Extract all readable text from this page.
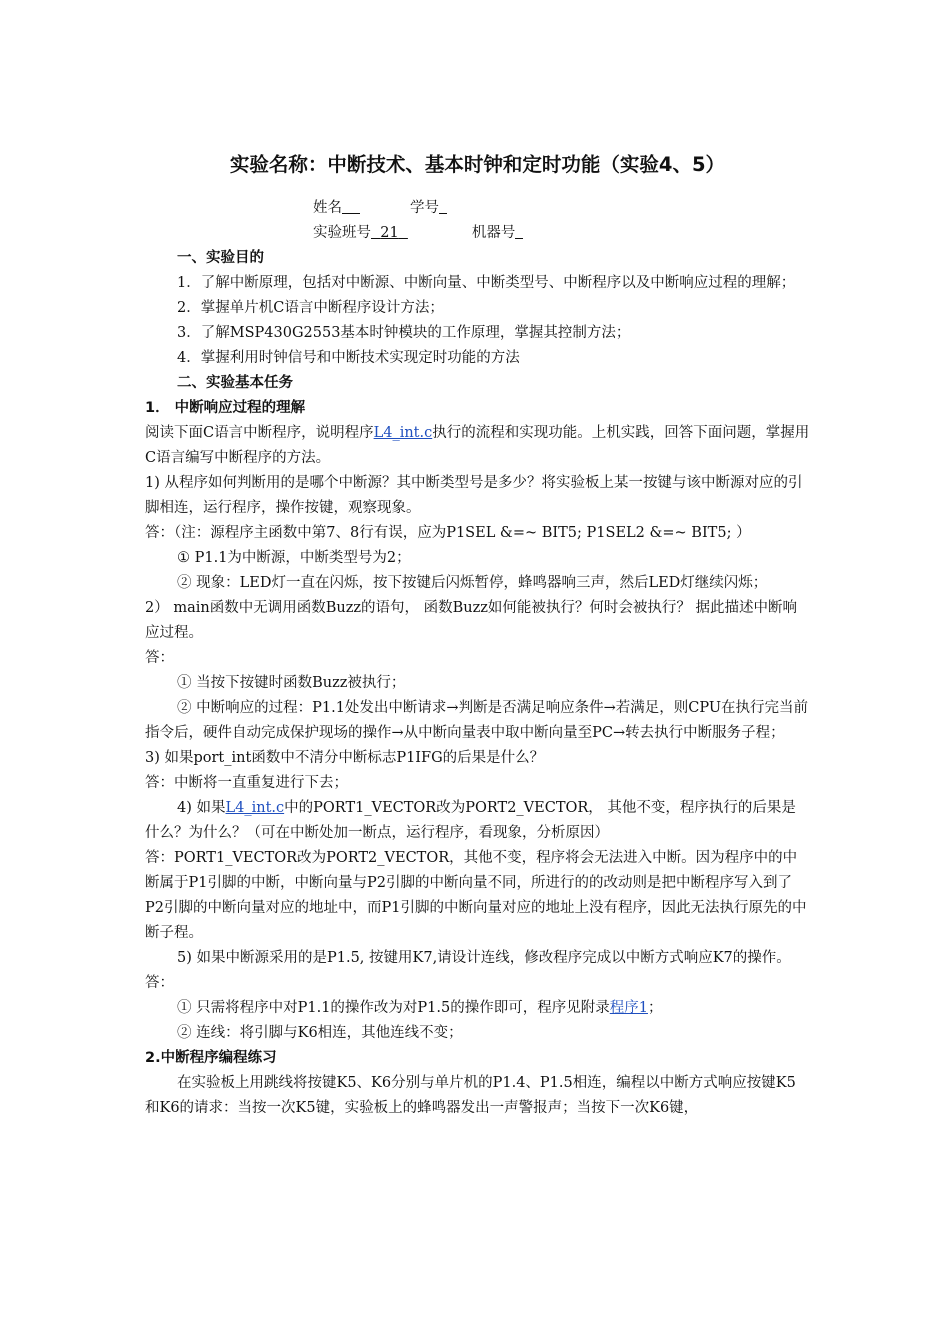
实验名称：中断技术、基本时钟和定时功能（实验4、5）

姓名	学号
实验班号 21	机器号

一、实验目的

1．了解中断原理，包括对中断源、中断向量、中断类型号、中断程序以及中断响应过程的理解；

2．掌握单片机C语言中断程序设计方法；

3．了解MSP430G2553基本时钟模块的工作原理，掌握其控制方法；

4．掌握利用时钟信号和中断技术实现定时功能的方法

二、实验基本任务

1． 中断响应过程的理解

阅读下面C语言中断程序，说明程序L4_int.c执行的流程和实现功能。上机实践，回答下面问题，掌握用C语言编写中断程序的方法。

1) 从程序如何判断用的是哪个中断源？其中断类型号是多少？将实验板上某一按键与该中断源对应的引脚相连，运行程序，操作按键，观察现象。

答：（注：源程序主函数中第7、8行有误，应为P1SEL &=~ BIT5; P1SEL2 &=~ BIT5; ）

① P1.1为中断源，中断类型号为2；

② 现象：LED灯一直在闪烁，按下按键后闪烁暂停，蜂鸣器响三声，然后LED灯继续闪烁；

2） main函数中无调用函数Buzz的语句， 函数Buzz如何能被执行？何时会被执行？ 据此描述中断响应过程。

答：

① 当按下按键时函数Buzz被执行；

② 中断响应的过程：P1.1处发出中断请求→判断是否满足响应条件→若满足，则CPU在执行完当前指令后，硬件自动完成保护现场的操作→从中断向量表中取中断向量至PC→转去执行中断服务子程；

3) 如果port_int函数中不清分中断标志P1IFG的后果是什么？

答：中断将一直重复进行下去；

4) 如果L4_int.c中的PORT1_VECTOR改为PORT2_VECTOR， 其他不变，程序执行的后果是什么？为什么？（可在中断处加一断点，运行程序，看现象，分析原因）

答：PORT1_VECTOR改为PORT2_VECTOR，其他不变，程序将会无法进入中断。因为程序中的中断属于P1引脚的中断，中断向量与P2引脚的中断向量不同，所进行的的改动则是把中断程序写入到了P2引脚的中断向量对应的地址中，而P1引脚的中断向量对应的地址上没有程序，因此无法执行原先的中断子程。

5) 如果中断源采用的是P1.5, 按键用K7,请设计连线，修改程序完成以中断方式响应K7的操作。

答：

① 只需将程序中对P1.1的操作改为对P1.5的操作即可，程序见附录程序1；

② 连线：将引脚与K6相连，其他连线不变；

2.中断程序编程练习

在实验板上用跳线将按键K5、K6分别与单片机的P1.4、P1.5相连，编程以中断方式响应按键K5和K6的请求：当按一次K5键，实验板上的蜂鸣器发出一声警报声；当按下一次K6键，
